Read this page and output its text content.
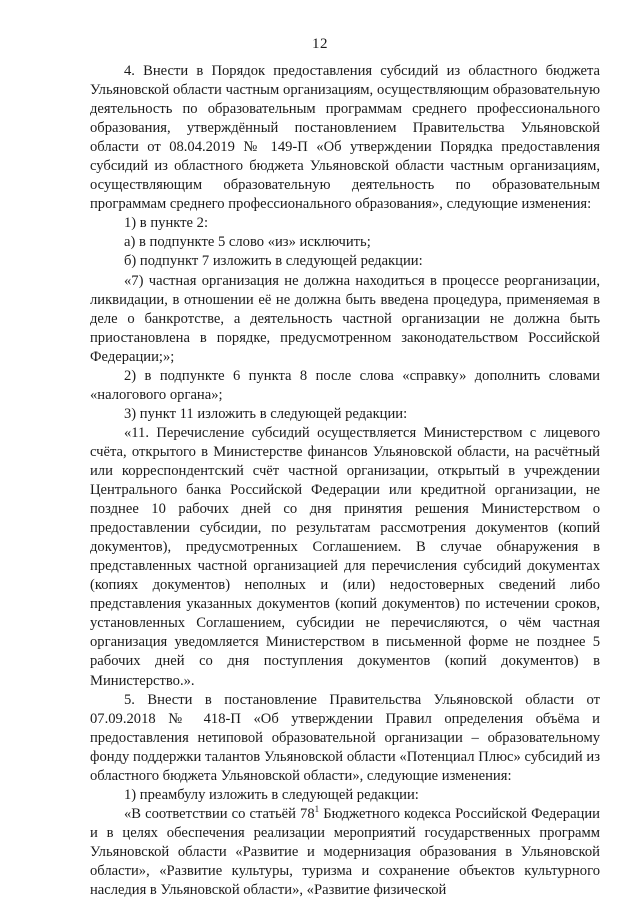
12

4. Внести в Порядок предоставления субсидий из областного бюджета Ульяновской области частным организациям, осуществляющим образовательную деятельность по образовательным программам среднего профессионального образования, утверждённый постановлением Правительства Ульяновской области от 08.04.2019 № 149-П «Об утверждении Порядка предоставления субсидий из областного бюджета Ульяновской области частным организациям, осуществляющим образовательную деятельность по образовательным программам среднего профессионального образования», следующие изменения:

1) в пункте 2:

а) в подпункте 5 слово «из» исключить;

б) подпункт 7 изложить в следующей редакции:

«7) частная организация не должна находиться в процессе реорганизации, ликвидации, в отношении её не должна быть введена процедура, применяемая в деле о банкротстве, а деятельность частной организации не должна быть приостановлена в порядке, предусмотренном законодательством Российской Федерации;»;

2) в подпункте 6 пункта 8 после слова «справку» дополнить словами «налогового органа»;

3) пункт 11 изложить в следующей редакции:

«11. Перечисление субсидий осуществляется Министерством с лицевого счёта, открытого в Министерстве финансов Ульяновской области, на расчётный или корреспондентский счёт частной организации, открытый в учреждении Центрального банка Российской Федерации или кредитной организации, не позднее 10 рабочих дней со дня принятия решения Министерством о предоставлении субсидии, по результатам рассмотрения документов (копий документов), предусмотренных Соглашением. В случае обнаружения в представленных частной организацией для перечисления субсидий документах (копиях документов) неполных и (или) недостоверных сведений либо представления указанных документов (копий документов) по истечении сроков, установленных Соглашением, субсидии не перечисляются, о чём частная организация уведомляется Министерством в письменной форме не позднее 5 рабочих дней со дня поступления документов (копий документов) в Министерство.».

5. Внести в постановление Правительства Ульяновской области от 07.09.2018 № 418-П «Об утверждении Правил определения объёма и предоставления нетиповой образовательной организации – образовательному фонду поддержки талантов Ульяновской области «Потенциал Плюс» субсидий из областного бюджета Ульяновской области», следующие изменения:

1) преамбулу изложить в следующей редакции:

«В соответствии со статьёй $78^1$ Бюджетного кодекса Российской Федерации и в целях обеспечения реализации мероприятий государственных программ Ульяновской области «Развитие и модернизация образования в Ульяновской области», «Развитие культуры, туризма и сохранение объектов культурного наследия в Ульяновской области», «Развитие физической
